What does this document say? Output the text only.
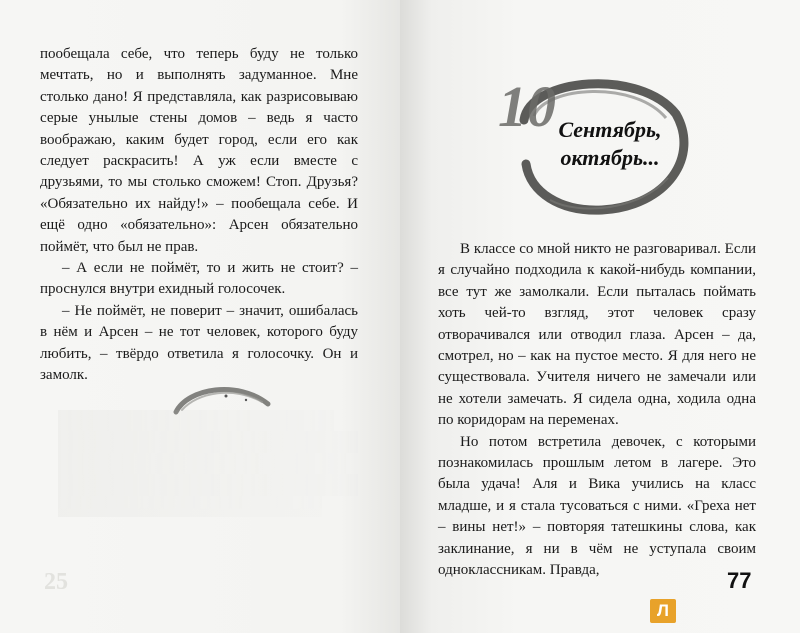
пообещала себе, что теперь буду не только мечтать, но и выполнять задуманное. Мне столько дано! Я представляла, как разрисовываю серые унылые стены домов – ведь я часто воображаю, каким будет город, если его как следует раскрасить! А уж если вместе с друзьями, то мы столько сможем! Стоп. Друзья? «Обязательно их найду!» – пообещала себе. И ещё одно «обязательно»: Арсен обязательно поймёт, что был не прав.

– А если не поймёт, то и жить не стоит? – проснулся внутри ехидный голосочек.

– Не поймёт, не поверит – значит, ошибалась в нём и Арсен – не тот человек, которого буду любить, – твёрдо ответила я голосочку. Он и замолк.

25
10 Сентябрь,
октябрь...

В классе со мной никто не разговаривал. Если я случайно подходила к какой-нибудь компании, все тут же замолкали. Если пыталась поймать хоть чей-то взгляд, этот человек сразу отворачивался или отводил глаза. Арсен – да, смотрел, но – как на пустое место. Я для него не существовала. Учителя ничего не замечали или не хотели замечать. Я сидела одна, ходила одна по коридорам на переменах.

Но потом встретила девочек, с которыми познакомилась прошлым летом в лагере. Это была удача! Аля и Вика учились на класс младше, и я стала тусоваться с ними. «Греха нет – вины нет!» – повторяя татешкины слова, как заклинание, я ни в чём не уступала своим одноклассникам. Правда,	77
Л
